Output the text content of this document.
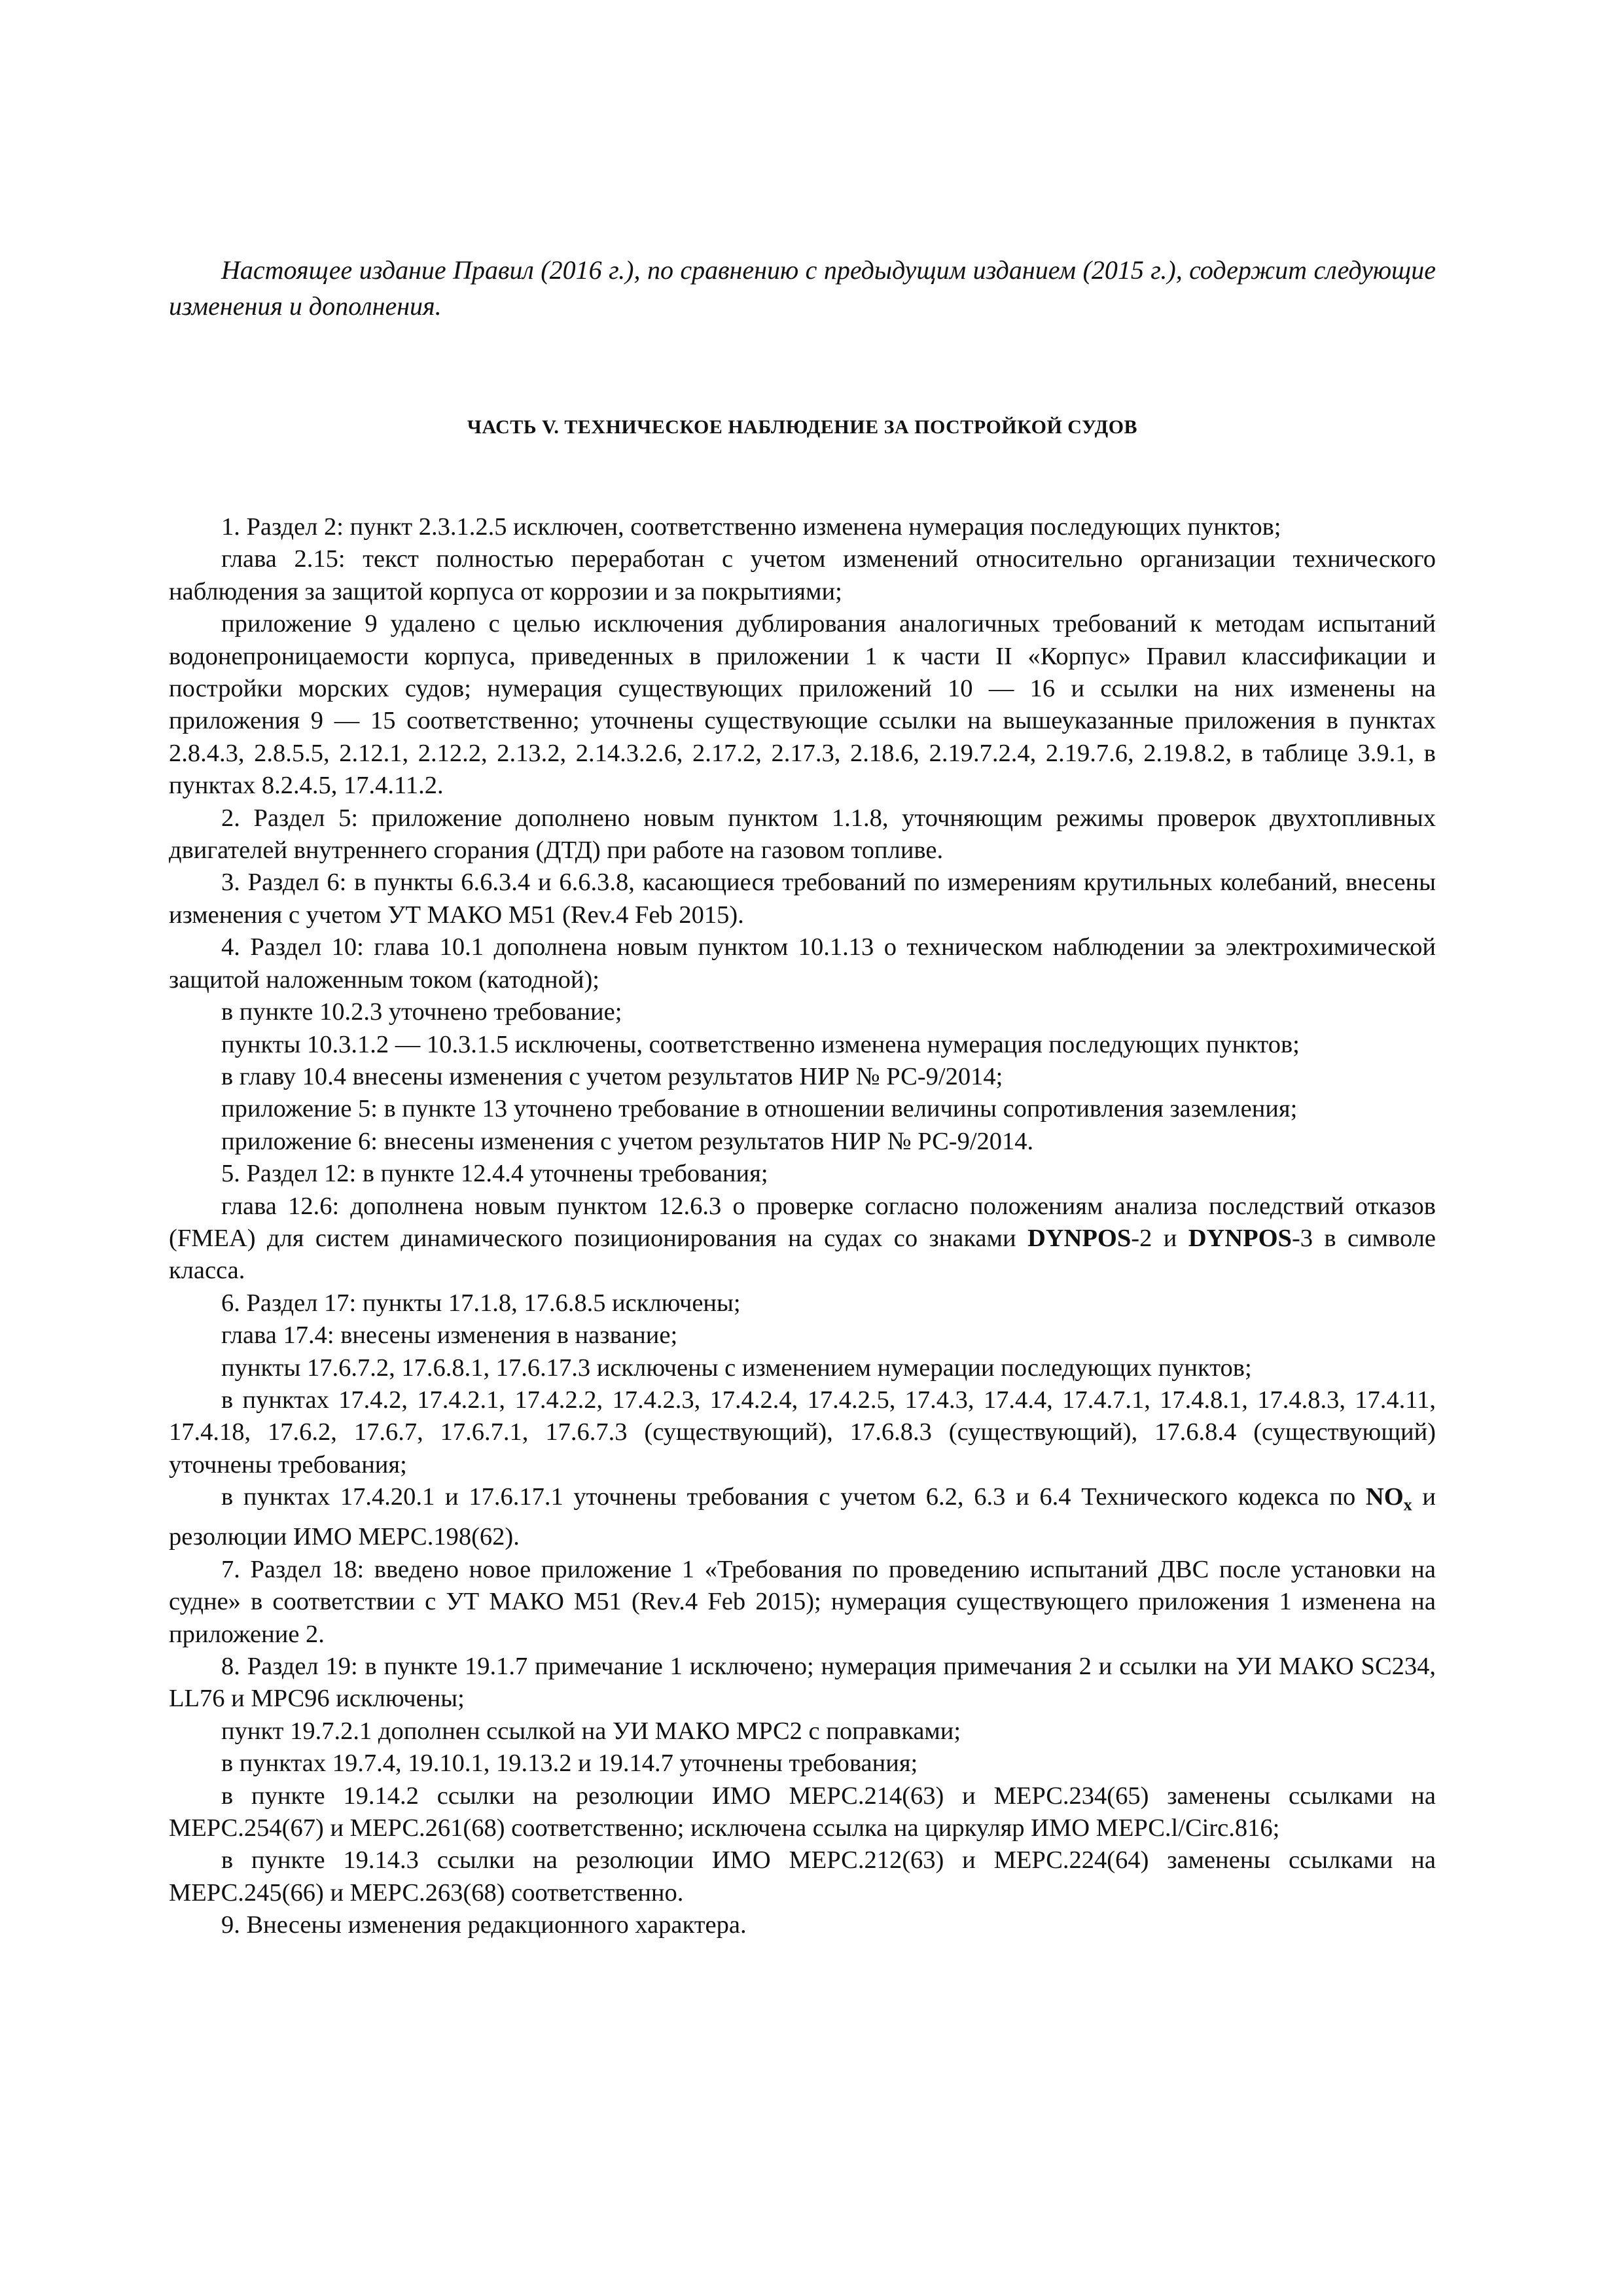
Настоящее издание Правил (2016 г.), по сравнению с предыдущим изданием (2015 г.), содержит следующие изменения и дополнения.

ЧАСТЬ V. ТЕХНИЧЕСКОЕ НАБЛЮДЕНИЕ ЗА ПОСТРОЙКОЙ СУДОВ

1. Раздел 2: пункт 2.3.1.2.5 исключен, соответственно изменена нумерация последующих пунктов;

глава 2.15: текст полностью переработан с учетом изменений относительно организации технического наблюдения за защитой корпуса от коррозии и за покрытиями;

приложение 9 удалено с целью исключения дублирования аналогичных требований к методам испытаний водонепроницаемости корпуса, приведенных в приложении 1 к части II «Корпус» Правил классификации и постройки морских судов; нумерация существующих приложений 10 — 16 и ссылки на них изменены на приложения 9 — 15 соответственно; уточнены существующие ссылки на вышеуказанные приложения в пунктах 2.8.4.3, 2.8.5.5, 2.12.1, 2.12.2, 2.13.2, 2.14.3.2.6, 2.17.2, 2.17.3, 2.18.6, 2.19.7.2.4, 2.19.7.6, 2.19.8.2, в таблице 3.9.1, в пунктах 8.2.4.5, 17.4.11.2.

2. Раздел 5: приложение дополнено новым пунктом 1.1.8, уточняющим режимы проверок двухтопливных двигателей внутреннего сгорания (ДТД) при работе на газовом топливе.

3. Раздел 6: в пункты 6.6.3.4 и 6.6.3.8, касающиеся требований по измерениям крутильных колебаний, внесены изменения с учетом УТ МАКО М51 (Rev.4 Feb 2015).

4. Раздел 10: глава 10.1 дополнена новым пунктом 10.1.13 о техническом наблюдении за электрохимической защитой наложенным током (катодной);

в пункте 10.2.3 уточнено требование;

пункты 10.3.1.2 — 10.3.1.5 исключены, соответственно изменена нумерация последующих пунктов;

в главу 10.4 внесены изменения с учетом результатов НИР № РС-9/2014;

приложение 5: в пункте 13 уточнено требование в отношении величины сопротивления заземления;

приложение 6: внесены изменения с учетом результатов НИР № РС-9/2014.

5. Раздел 12: в пункте 12.4.4 уточнены требования;

глава 12.6: дополнена новым пунктом 12.6.3 о проверке согласно положениям анализа последствий отказов (FMEA) для систем динамического позиционирования на судах со знаками DYNPOS-2 и DYNPOS-3 в символе класса.

6. Раздел 17: пункты 17.1.8, 17.6.8.5 исключены;

глава 17.4: внесены изменения в название;

пункты 17.6.7.2, 17.6.8.1, 17.6.17.3 исключены с изменением нумерации последующих пунктов;

в пунктах 17.4.2, 17.4.2.1, 17.4.2.2, 17.4.2.3, 17.4.2.4, 17.4.2.5, 17.4.3, 17.4.4, 17.4.7.1, 17.4.8.1, 17.4.8.3, 17.4.11, 17.4.18, 17.6.2, 17.6.7, 17.6.7.1, 17.6.7.3 (существующий), 17.6.8.3 (существующий), 17.6.8.4 (существующий) уточнены требования;

в пунктах 17.4.20.1 и 17.6.17.1 уточнены требования с учетом 6.2, 6.3 и 6.4 Технического кодекса по $NO_x$ и резолюции ИМО МЕРС.198(62).

7. Раздел 18: введено новое приложение 1 «Требования по проведению испытаний ДВС после установки на судне» в соответствии с УТ МАКО М51 (Rev.4 Feb 2015); нумерация существующего приложения 1 изменена на приложение 2.

8. Раздел 19: в пункте 19.1.7 примечание 1 исключено; нумерация примечания 2 и ссылки на УИ МАКО SC234, LL76 и МРС96 исключены;

пункт 19.7.2.1 дополнен ссылкой на УИ МАКО МРС2 с поправками;

в пунктах 19.7.4, 19.10.1, 19.13.2 и 19.14.7 уточнены требования;

в пункте 19.14.2 ссылки на резолюции ИМО МЕРС.214(63) и МЕРС.234(65) заменены ссылками на МЕРС.254(67) и МЕРС.261(68) соответственно; исключена ссылка на циркуляр ИМО МЕРС.l/Circ.816;

в пункте 19.14.3 ссылки на резолюции ИМО МЕРС.212(63) и МЕРС.224(64) заменены ссылками на МЕРС.245(66) и МЕРС.263(68) соответственно.

9. Внесены изменения редакционного характера.
